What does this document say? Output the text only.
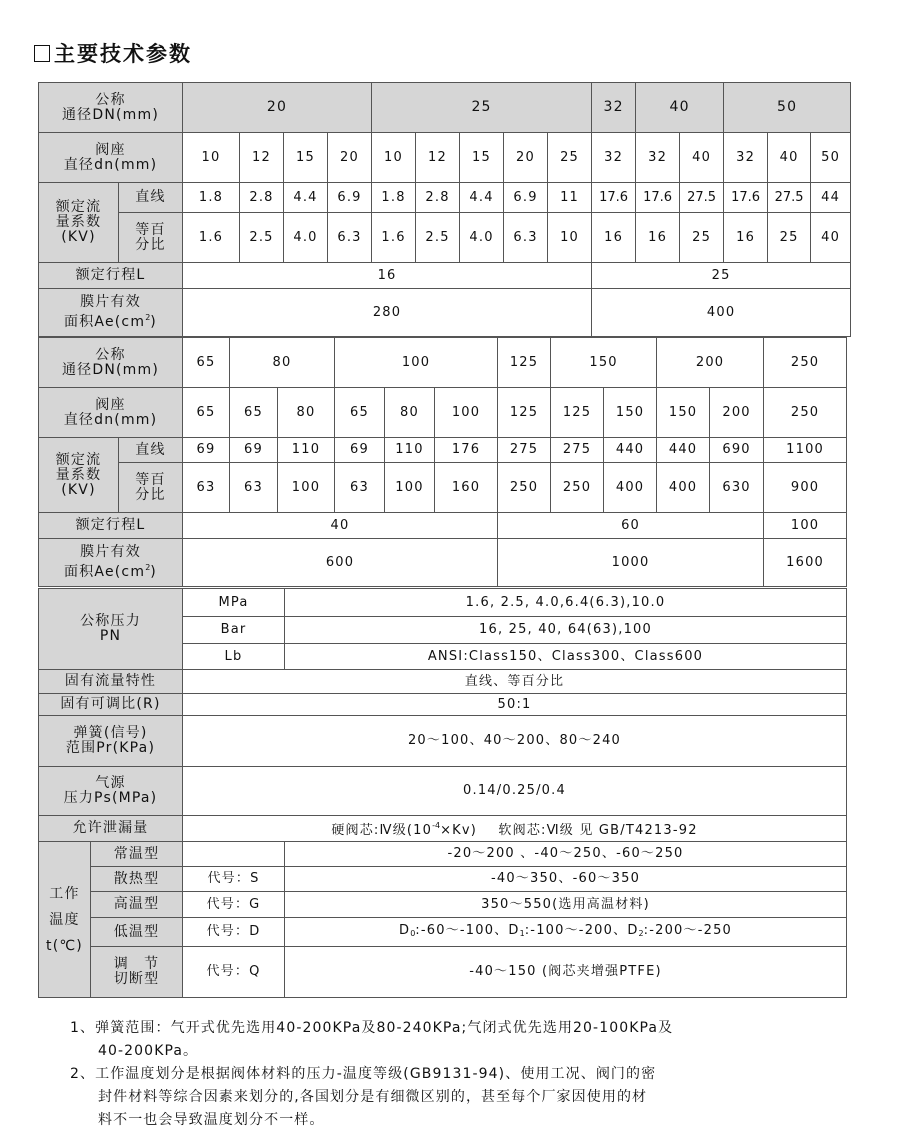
主要技术参数
公称
通径DN(mm)		20				25					32	40		50		
阀座
直径dn(mm)		10	12	15	20	10	12	15	20	25	32	32	40	32	40	50
额定流
量系数
(KV)	直线	1.8	2.8	4.4	6.9	1.8	2.8	4.4	6.9	11	17.6	17.6	27.5	17.6	27.5	44
	等百
分比	1.6	2.5	4.0	6.3	1.6	2.5	4.0	6.3	10	16	16	25	16	25	40
额定行程L		16									25					
膜片有效
面积$Ae(cm^2)$		280									400					
公称
通径DN(mm)		65	80		100			125	150		200		250
阀座
直径dn(mm)		65	65	80	65	80	100	125	125	150	150	200	250
额定流
量系数
(KV)	直线	69	69	110	69	110	176	275	275	440	440	690	1100
	等百
分比	63	63	100	63	100	160	250	250	400	400	630	900
额定行程L		40						60					100
膜片有效
面积$Ae(cm^2)$		600						1000					1600
公称压力
PN		MPa	1.6, 2.5, 4.0,6.4(6.3),10.0
		Bar	16, 25, 40, 64(63),100
		Lb	ANSI:Class150、Class300、Class600
固有流量特性		直线、等百分比	
固有可调比(R)		50:1	
弹簧(信号)
范围Pr(KPa)		20～100、40～200、80～240	
气源
压力Ps(MPa)		0.14/0.25/0.4	
允许泄漏量		硬阀芯:Ⅳ级$(10^{-4}\times Kv)$ 软阀芯:Ⅵ级 见 GB/T4213-92	
工作
温度
t(℃)	常温型		-20～200 、-40～250、-60～250
	散热型	代号：S	-40～350、-60～350
	高温型	代号：G	350～550(选用高温材料)
	低温型	代号：D	$D_0:-60\sim-100$、$D_1:-100\sim-200$、$D_2:-200\sim-250$
	调　节
切断型	代号：Q	-40～150 (阀芯夹增强PTFE)
1、弹簧范围：气开式优先选用40-200KPa及80-240KPa;气闭式优先选用20-100KPa及
40-200KPa。
2、工作温度划分是根据阀体材料的压力-温度等级(GB9131-94)、使用工况、阀门的密
封件材料等综合因素来划分的,各国划分是有细微区别的，甚至每个厂家因使用的材
料不一也会导致温度划分不一样。
